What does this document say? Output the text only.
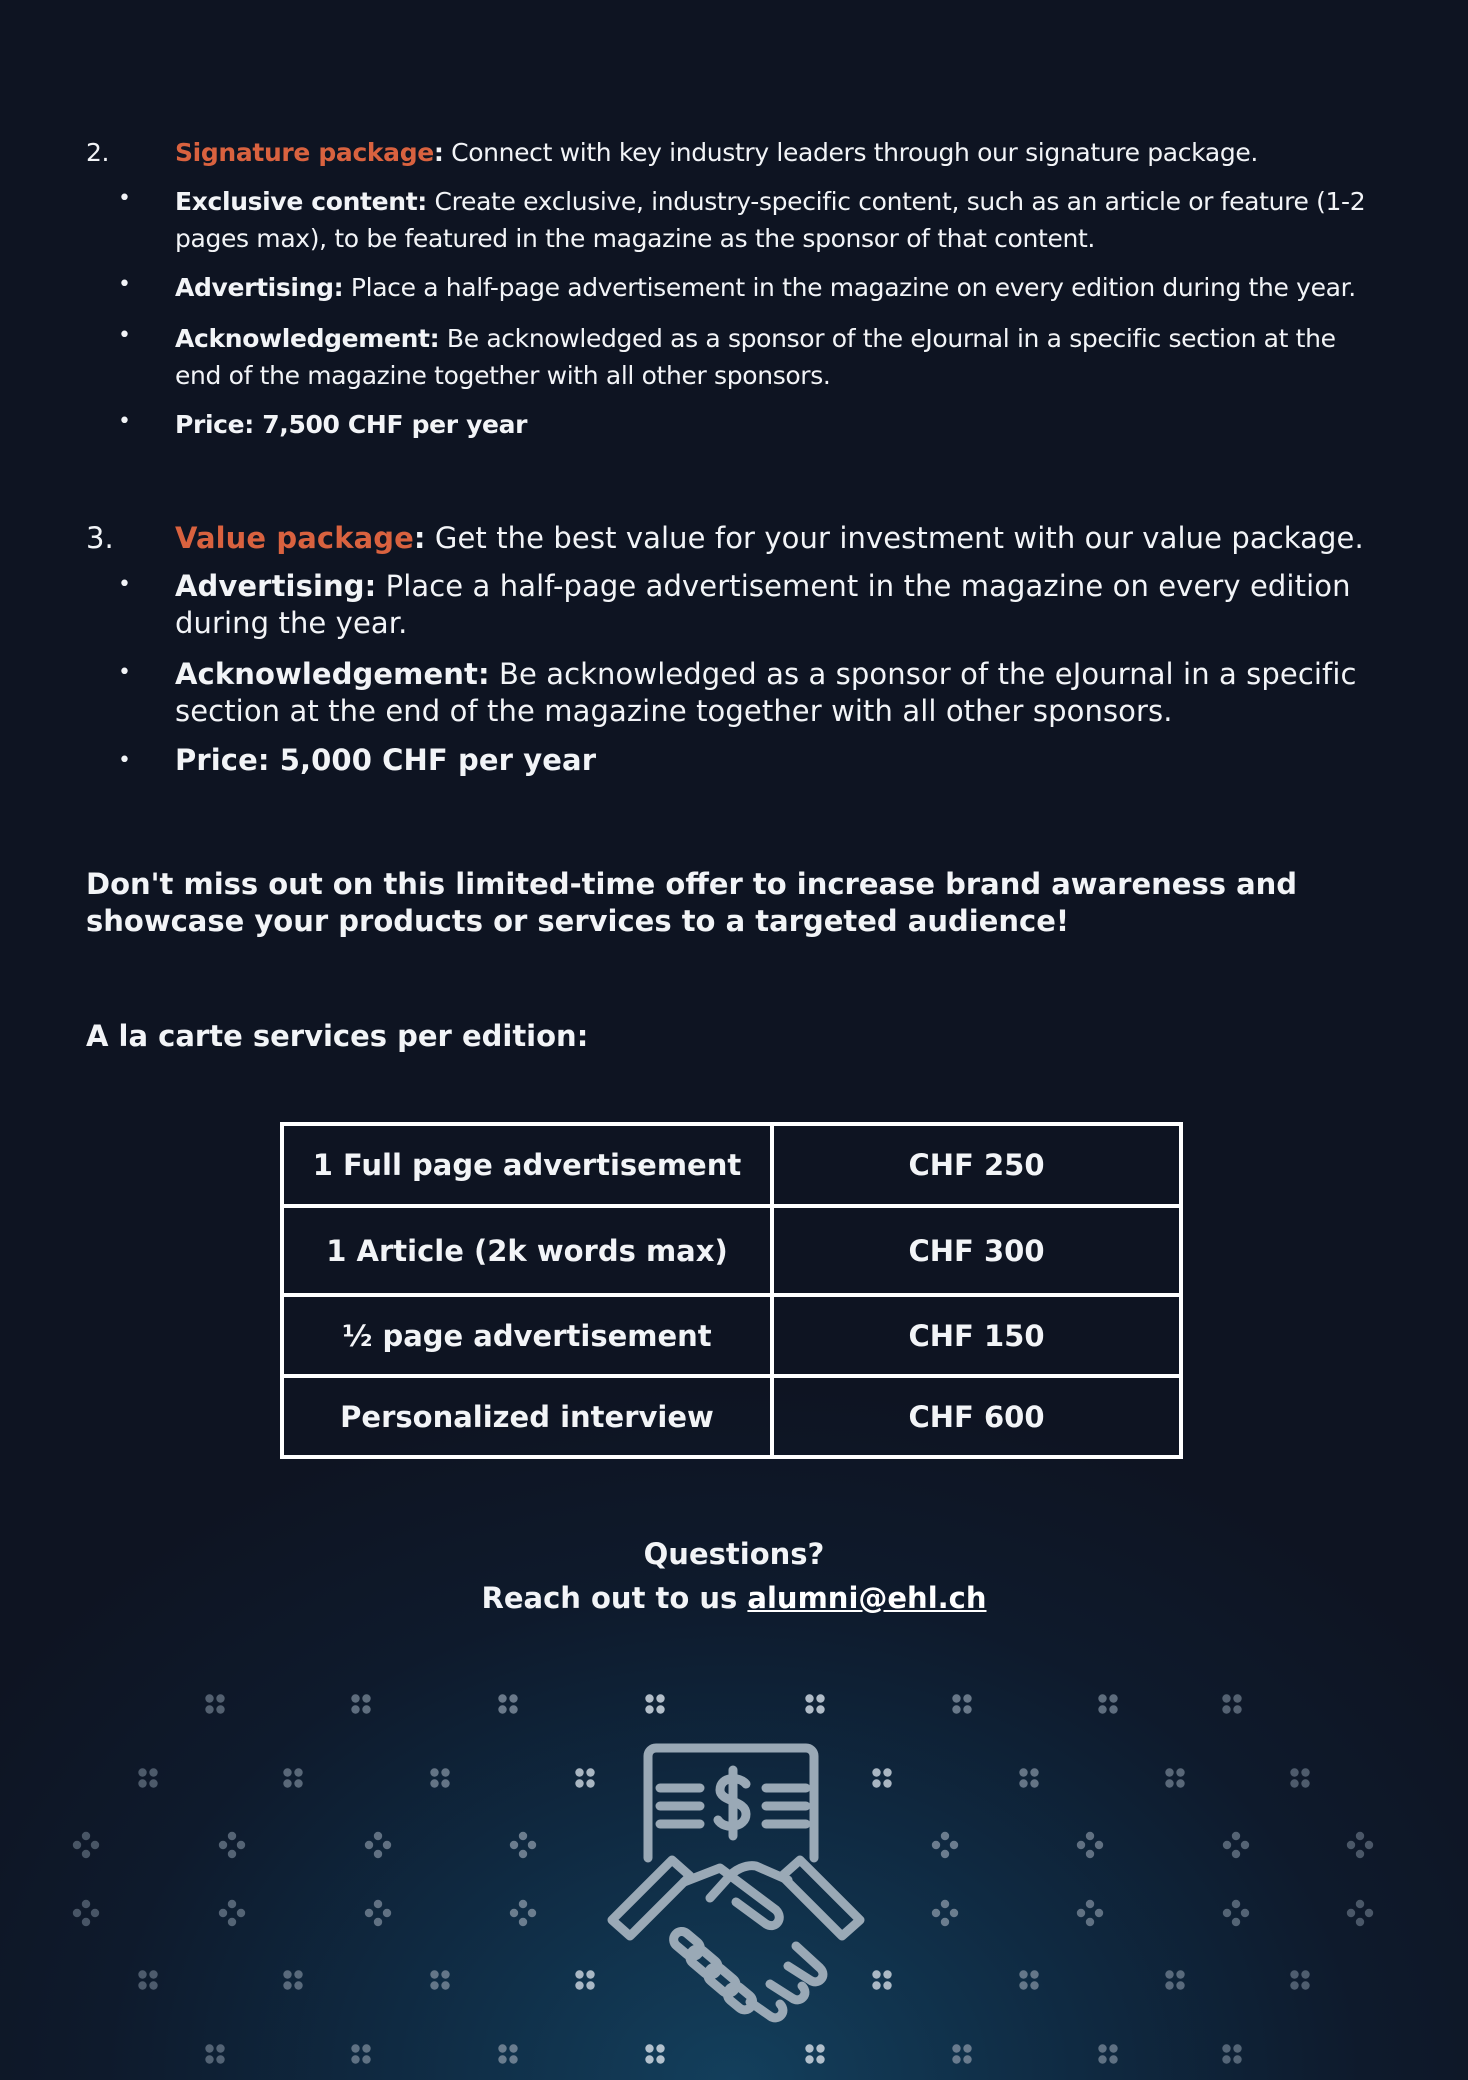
2.	Signature package: Connect with key industry leaders through our signature package.
• Exclusive content: Create exclusive, industry-specific content, such as an article or feature (1-2 pages max), to be featured in the magazine as the sponsor of that content.
• Advertising: Place a half-page advertisement in the magazine on every edition during the year.
• Acknowledgement: Be acknowledged as a sponsor of the eJournal in a specific section at the end of the magazine together with all other sponsors.
• Price: 7,500 CHF per year
3. Value package: Get the best value for your investment with our value package.
• Advertising: Place a half-page advertisement in the magazine on every edition during the year.
• Acknowledgement: Be acknowledged as a sponsor of the eJournal in a specific section at the end of the magazine together with all other sponsors.
• Price: 5,000 CHF per year
Don't miss out on this limited-time offer to increase brand awareness and showcase your products or services to a targeted audience!
A la carte services per edition:
1 Full page advertisement	CHF 250
1 Article (2k words max)	CHF 300
½ page advertisement	CHF 150
Personalized interview	CHF 600
Questions?
Reach out to us alumni@ehl.ch
